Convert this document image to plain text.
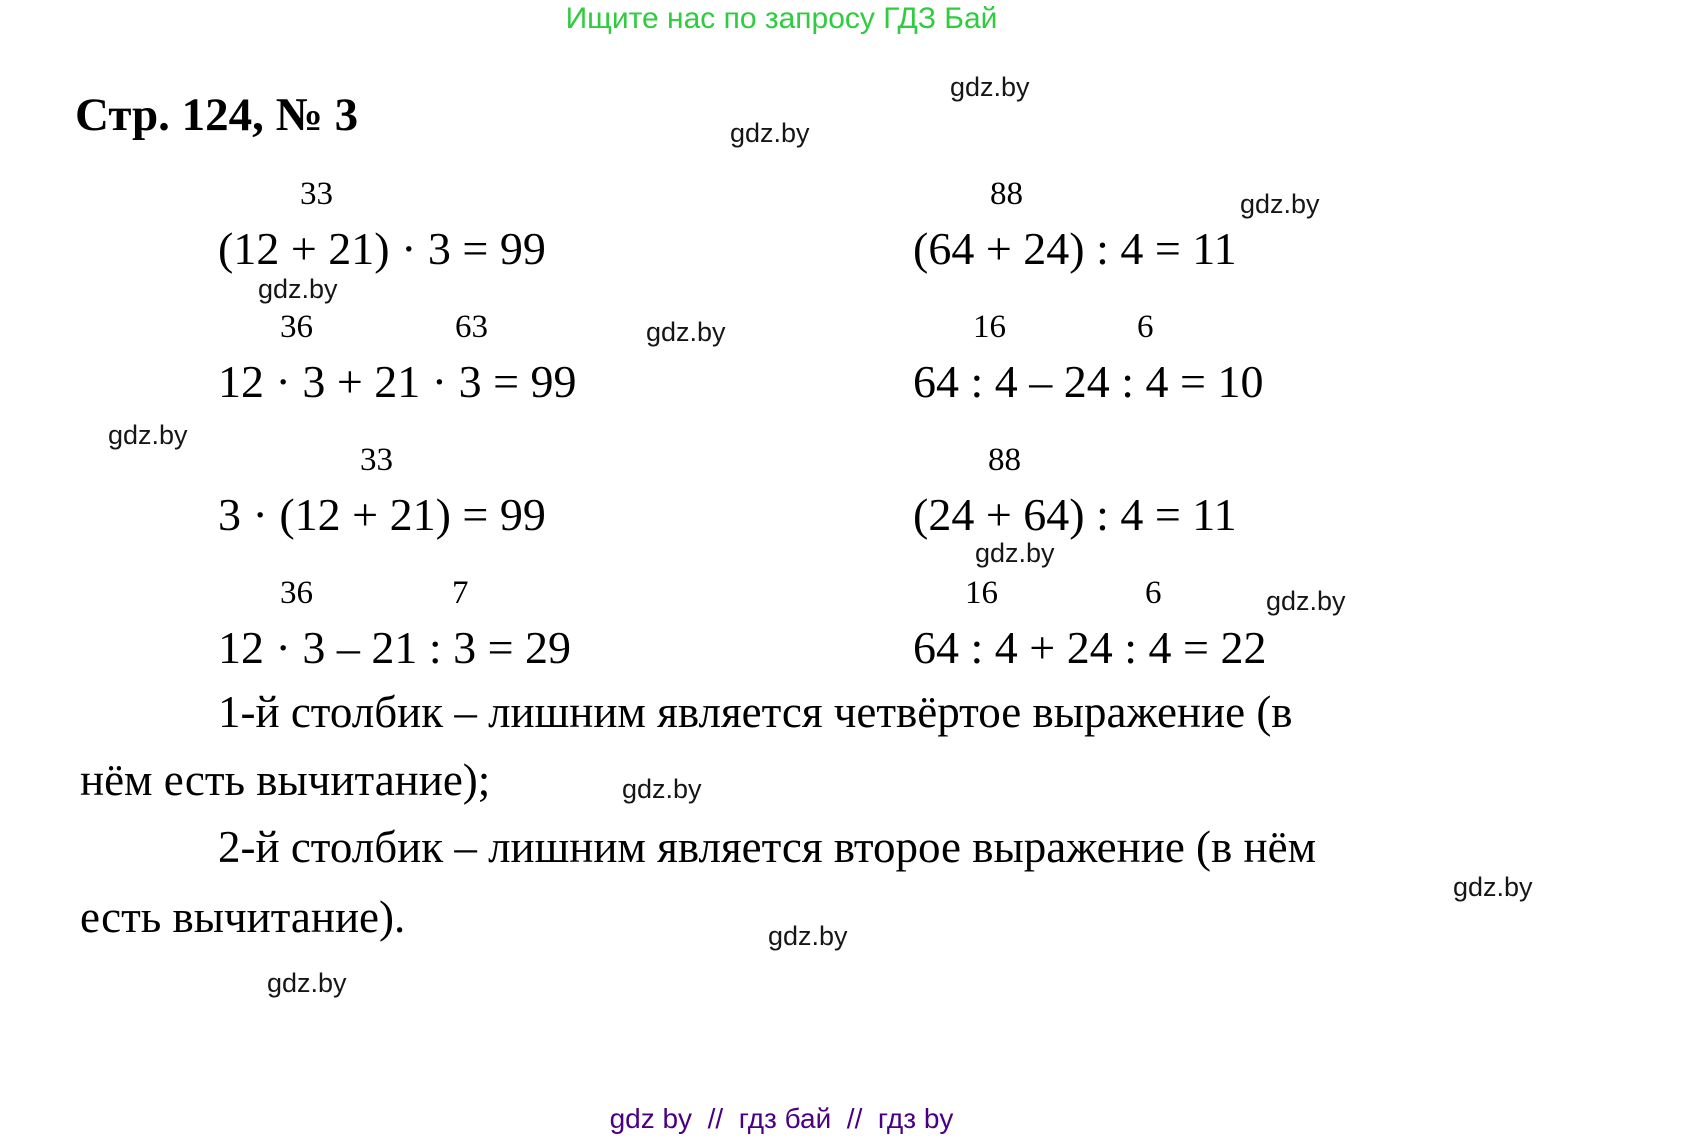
Ищите нас по запросу ГДЗ Бай
Стр. 124, № 3
33
(12 + 21) · 3 = 99
36	63
12 · 3 + 21 · 3 = 99
33
3 · (12 + 21) = 99
36	7
12 · 3 – 21 : 3 = 29
88
(64 + 24) : 4 = 11
16	6
64 : 4 – 24 : 4 = 10
88
(24 + 64) : 4 = 11
16	6
64 : 4 + 24 : 4 = 22
1-й столбик – лишним является четвёртое выражение (в
нём есть вычитание);
2-й столбик – лишним является второе выражение (в нём
есть вычитание).
gdz.by
gdz.by
gdz.by
gdz.by
gdz.by
gdz.by
gdz.by
gdz.by
gdz.by
gdz.by
gdz.by
gdz.by
gdz by  //  гдз бай  //  гдз by
